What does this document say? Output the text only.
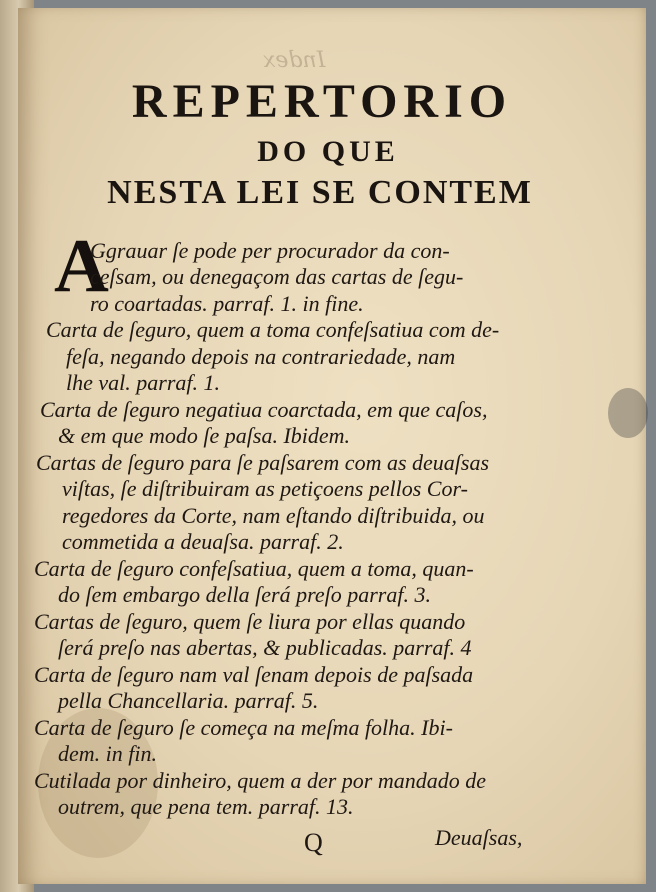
Index
REPERTORIO
DO QUE
NESTA LEI SE CONTEM
A
Ggrauar ſe pode per procurador da con-
ceſsam, ou denegaçom das cartas de ſegu-
ro coartadas. parraf. 1. in fine.
Carta de ſeguro, quem a toma confeſsatiua com de-
feſa, negando depois na contrariedade, nam
lhe val. parraf. 1.
Carta de ſeguro negatiua coarctada, em que caſos,
& em que modo ſe paſsa. Ibidem.
Cartas de ſeguro para ſe paſsarem com as deuaſsas
viſtas, ſe diſtribuiram as petiçoens pellos Cor-
regedores da Corte, nam eſtando diſtribuida, ou
commetida a deuaſsa. parraf. 2.
Carta de ſeguro confeſsatiua, quem a toma, quan-
do ſem embargo della ſerá preſo parraf. 3.
Cartas de ſeguro, quem ſe liura por ellas quando
ſerá preſo nas abertas, & publicadas. parraf. 4
Carta de ſeguro nam val ſenam depois de paſsada
pella Chancellaria. parraf. 5.
Carta de ſeguro ſe começa na meſma folha. Ibi-
dem. in fin.
Cutilada por dinheiro, quem a der por mandado de
outrem, que pena tem. parraf. 13.
Q	Deuaſsas,
